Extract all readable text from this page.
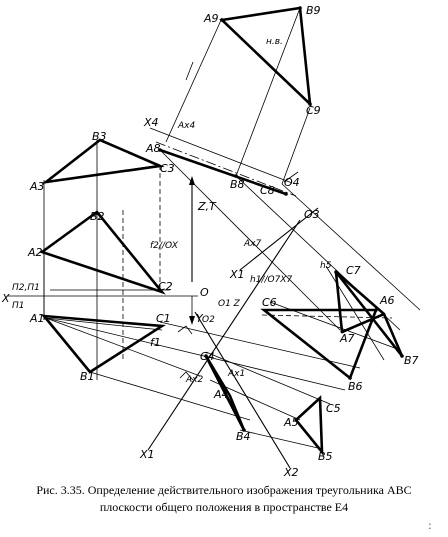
A9
B9
C9
н.в.
X4 Ax4
A8
B8 C8
O4
O3
B3
A3
C3
B2
A2
C2
Z,T
f2//OX
O
X
П2,П1
П1
A1	C1
B1
f1
Y
O1 Z
O2
X1 h1//O7X7
h5
Ax7
Ax2
C6
C7
A6
A7
B7
B6
C4
Ax1
A4
B4
C5
A5
B5
X1
X2
Рис. 3.35. Определение действительного изображения треугольника ABC
плоскости общего положения в пространстве E4
:
